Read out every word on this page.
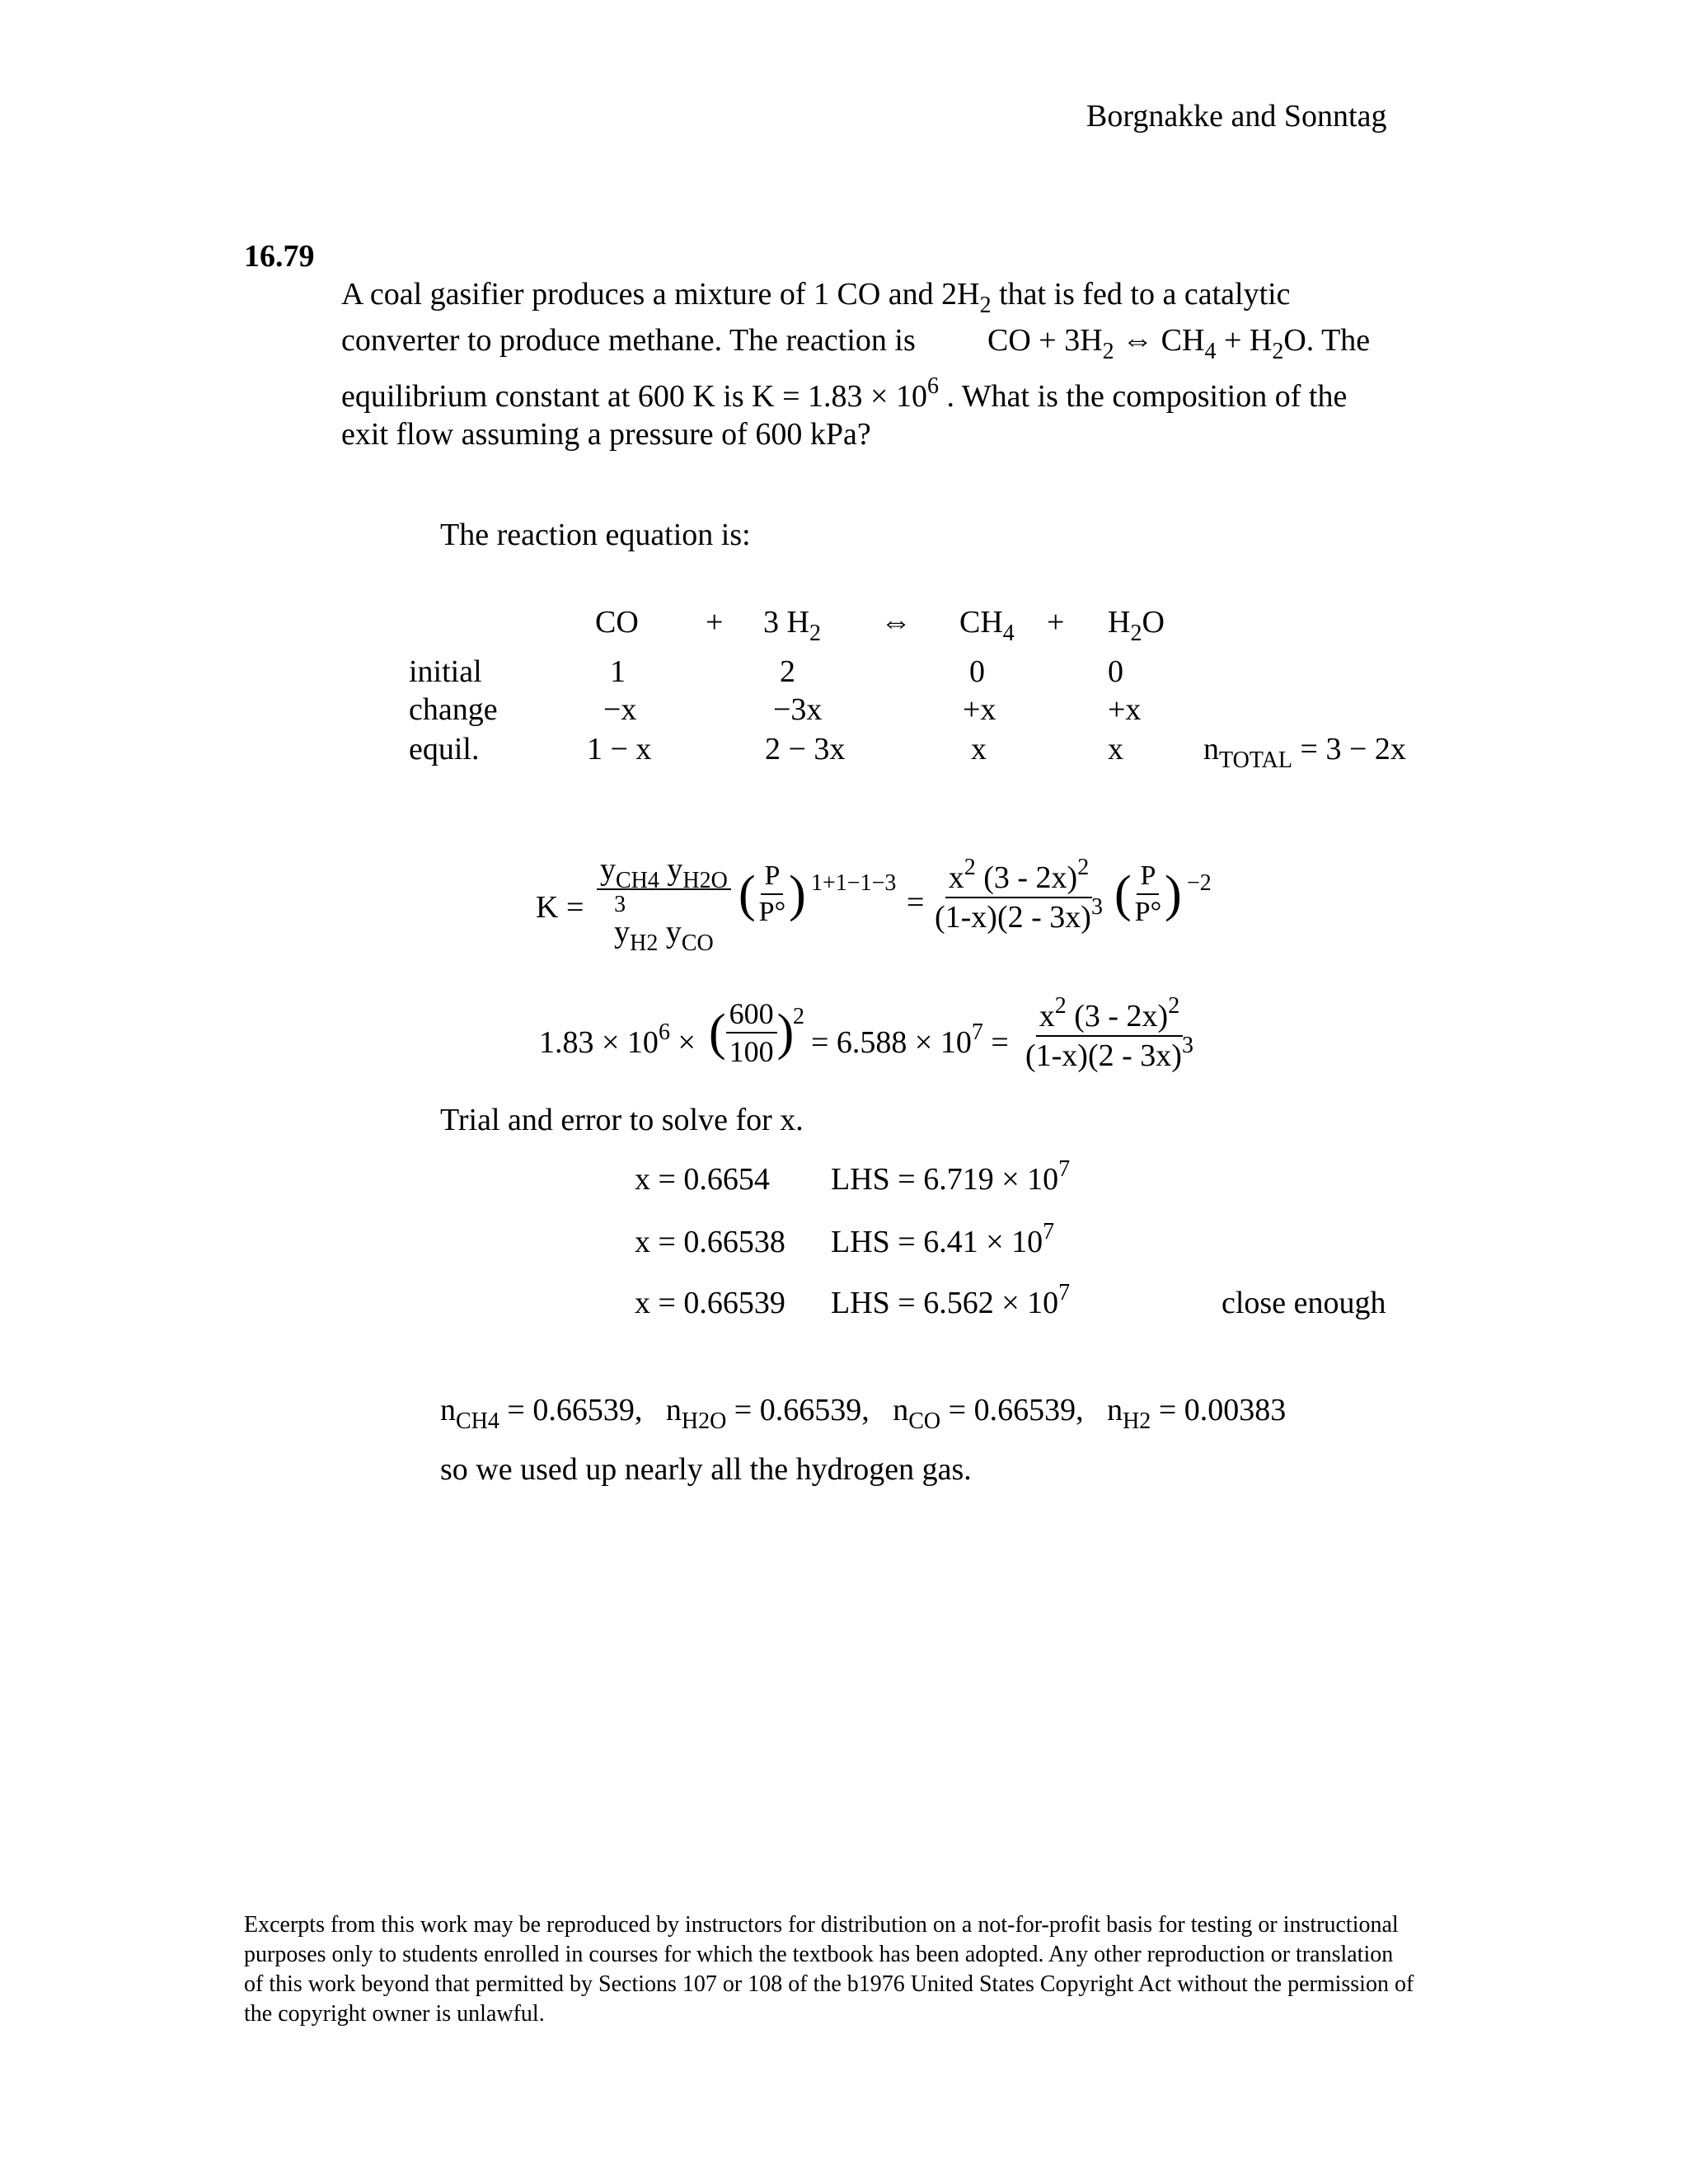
Borgnakke and Sonntag
16.79
A coal gasifier produces a mixture of 1 CO and $2H_2$ that is fed to a catalytic
converter to produce methane. The reaction is CO + $3H_2$ ⇔ $CH_4 + H_2O$. The
equilibrium constant at 600 K is $K = 1.83 \times 10^6$ . What is the composition of the
exit flow assuming a pressure of 600 kPa?
The reaction equation is:
CO + 3 $H_2$ ⇔ $CH_4 + H_2O$
initial	1	2	0	0
change	−x	−3x	+x	+x
equil.	1 − x	2 − 3x	x	x	$n_{TOTAL} = 3 - 2x$
$K = y_{CH4}$ $y_{H2O}$
3
$y_{H2}$ $y_{CO}$ ( $\frac{P}{P^\circ}$ ) 1+1−1−3
= $\frac{x^2 (3 - 2x)^2}{(1-x)(2 - 3x)^3}$ ( $\frac{P}{P^\circ}$ ) −2
$1.83 \times 10^6$ × ( $\frac{600}{100}$ )
2
= $6.588 \times 10^7 = \frac{x^2 (3 - 2x)^2}{(1-x)(2 - 3x)^3}$
Trial and error to solve for x.
x = 0.6654 LHS = $6.719 \times 10^7$
x = 0.66538 LHS = $6.41 \times 10^7$
x = 0.66539 LHS = $6.562 \times 10^7$	close enough
$n_{CH4} = 0.66539$,   $n_{H2O} = 0.66539$,   $n_{CO} = 0.66539$,   $n_{H2} = 0.00383$
so we used up nearly all the hydrogen gas.
Excerpts from this work may be reproduced by instructors for distribution on a not-for-profit basis for testing or instructional purposes only to students enrolled in courses for which the textbook has been adopted. Any other reproduction or translation of this work beyond that permitted by Sections 107 or 108 of the b1976 United States Copyright Act without the permission of the copyright owner is unlawful.
